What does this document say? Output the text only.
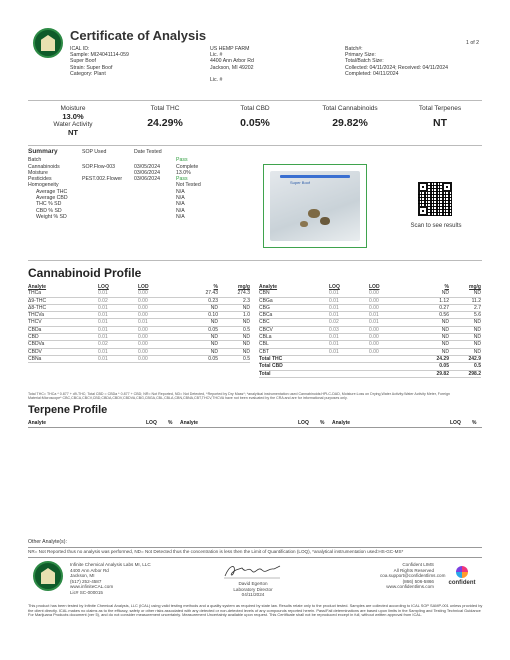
Certificate of Analysis	1 of 2
ICAL ID:
Sample: MI24041114-059
Super Boof
Strain: Super Boof
Category: Plant
US HEMP FARM
Lic. #
4400 Ann Arbor Rd
Jackson, MI 49202
Lic. #
Batch#:
Primary Size:
Total/Batch Size:
Collected: 04/11/2024; Received: 04/11/2024
Completed: 04/11/2024
Moisture
13.0%
Water Activity
NT
Total THC
24.29%
Total CBD
0.05%
Total Cannabinoids
29.82%
Total Terpenes
NT
Summary	SOP Used	Date Tested
Batch	Pass
Cannabinoids	SOP.Flow-003	03/05/2024	Complete
Moisture	03/06/2024	13.0%
Pesticides	PEST.002.Flower	03/06/2024	Pass
Homogeneity	Not Tested
Average THC	N/A
Average CBD	N/A
THC % SD	N/A
CBD % SD	N/A
Weight % SD	N/A
Super Boof
Scan to see results
Cannabinoid Profile
Analyte	LOQ	LOD	%	mg/g
THCa	0.01	0.00	27.43	274.3
Δ9-THC	0.02	0.00	0.23	2.3
Δ8-THC	0.01	0.00	ND	ND
THCVa	0.01	0.00	0.10	1.0
THCV	0.01	0.01	ND	ND
CBDa	0.01	0.00	0.05	0.5
CBD	0.01	0.00	ND	ND
CBDVa	0.02	0.00	ND	ND
CBDV	0.01	0.00	ND	ND
CBNa	0.01	0.00	0.05	0.5
Analyte	LOQ	LOD	%	mg/g
CBN	0.01	0.00	ND	ND
CBGa	0.01	0.00	1.12	11.2
CBG	0.01	0.00	0.27	2.7
CBCa	0.01	0.01	0.56	5.6
CBC	0.02	0.01	ND	ND
CBCV	0.03	0.00	ND	ND
CBLa	0.01	0.00	ND	ND
CBL	0.01	0.00	ND	ND
CBT	0.01	0.00	ND	ND
Total THC			24.29	242.9
Total CBD			0.05	0.5
Total			29.82	298.2
Total THC= THCa * 0.877 + d9-THC; Total CBD = CBDa * 0.877 + CBD; NR= Not Reported, ND= Not Detected, *Reported by Dry Mass*; *analytical instrumentation used Cannabinoids:HPLC-DAD, Moisture:Loss on Drying,Water Activity:Water Activity Meter, Foreign Material:Microscope* CBC,CBCA,CBCV,CBD,CBDA,CBDV,CBDVA,CBG,CBGA,CBL,CBLA,CBN,CBNA,CBT,THCV,THCVA have not been evaluated by the CRA and are for informational purposes only.
Terpene Profile
Analyte	LOQ % Analyte	LOQ % Analyte	LOQ %
Other Analyte(s):
NR= Not Reported thus no analysis was performed, ND= Not Detected thus the concentration is less then the Limit of Quantification (LOQ), *analytical instrumentation used:HS-GC-MS*
Infinite Chemical Analysis Labs MI, LLC
4400 Ann Arbor Rd
Jackson, MI
(517) 252-4587
www.infiniteCAL.com
Lic# SC-000015
David Egerton
Laboratory Director
04/11/2024
Confident LIMS
All Rights Reserved
coa.support@confidentlims.com
(866) 506-5866
www.confidentlims.com
confident
This product has been tested by Infinite Chemical Analysis, LLC (ICAL) using valid testing methods and a quality system as required by state law. Results relate only to the product tested. Samples are collected according to ICAL SOP SAMP-001 unless provided by the client directly. ICAL makes no claims as to the efficacy, safety or other risks associated with any detected or non-detected levels of any compounds reported herein. Pass/Fail determinations are based upon limits in the Sampling and Testing Technical Guidance For Marijuana Products document (ver 5), and do not consider measurement uncertainty. Measurement Uncertainty available upon request. This Certificate shall not be reproduced except in full, without written approval from ICAL.
